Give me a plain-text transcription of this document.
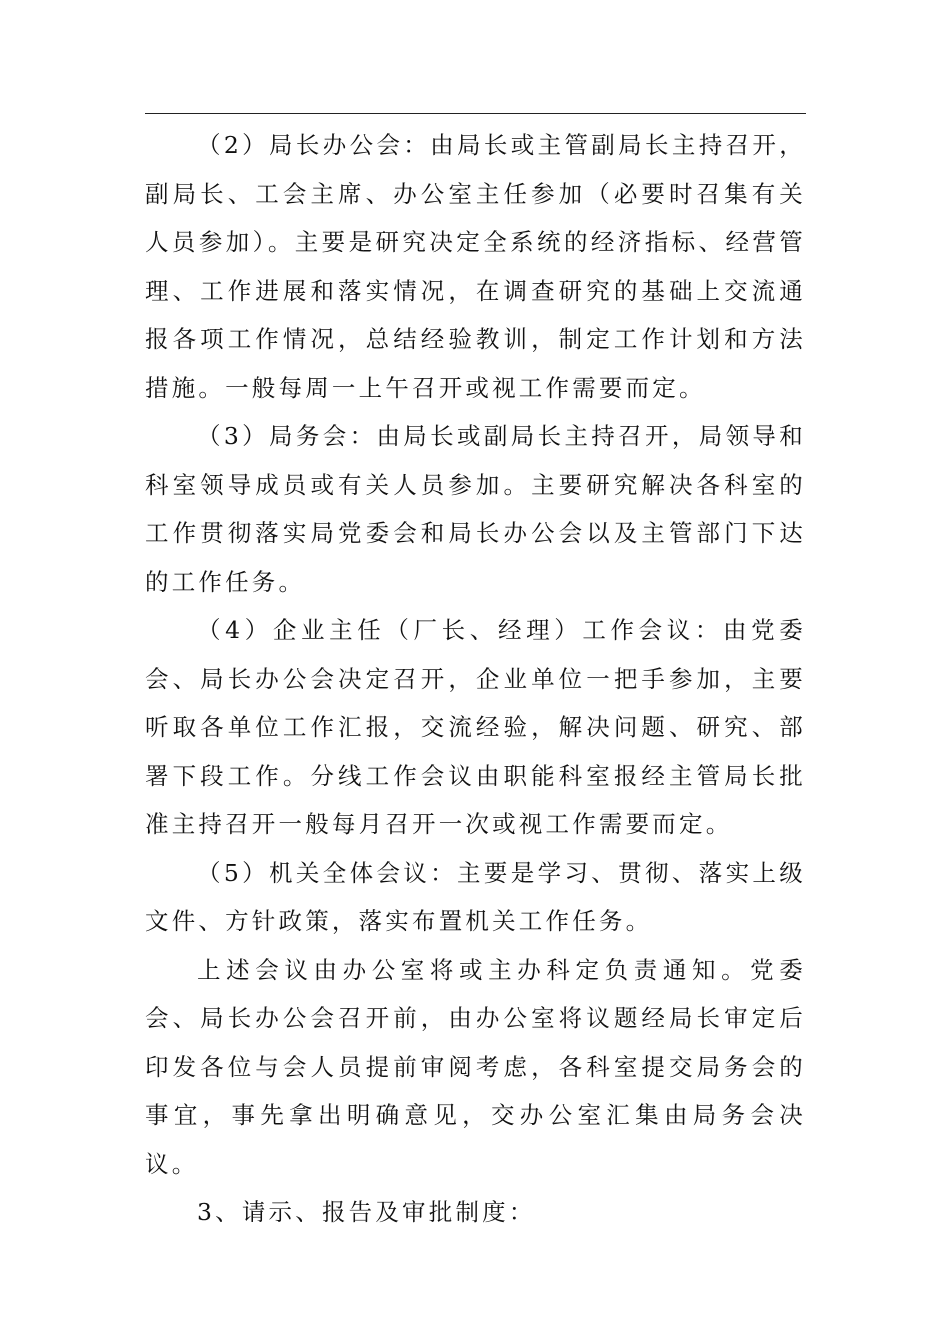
（2）局长办公会：由局长或主管副局长主持召开，副局长、工会主席、办公室主任参加（必要时召集有关人员参加）。主要是研究决定全系统的经济指标、经营管理、工作进展和落实情况，在调查研究的基础上交流通报各项工作情况，总结经验教训，制定工作计划和方法措施。一般每周一上午召开或视工作需要而定。

（3）局务会：由局长或副局长主持召开，局领导和科室领导成员或有关人员参加。主要研究解决各科室的工作贯彻落实局党委会和局长办公会以及主管部门下达的工作任务。

（4）企业主任（厂长、经理）工作会议：由党委会、局长办公会决定召开，企业单位一把手参加，主要听取各单位工作汇报，交流经验，解决问题、研究、部署下段工作。分线工作会议由职能科室报经主管局长批准主持召开一般每月召开一次或视工作需要而定。

（5）机关全体会议：主要是学习、贯彻、落实上级文件、方针政策，落实布置机关工作任务。

上述会议由办公室将或主办科定负责通知。党委会、局长办公会召开前，由办公室将议题经局长审定后印发各位与会人员提前审阅考虑，各科室提交局务会的事宜，事先拿出明确意见，交办公室汇集由局务会决议。

3、请示、报告及审批制度：
